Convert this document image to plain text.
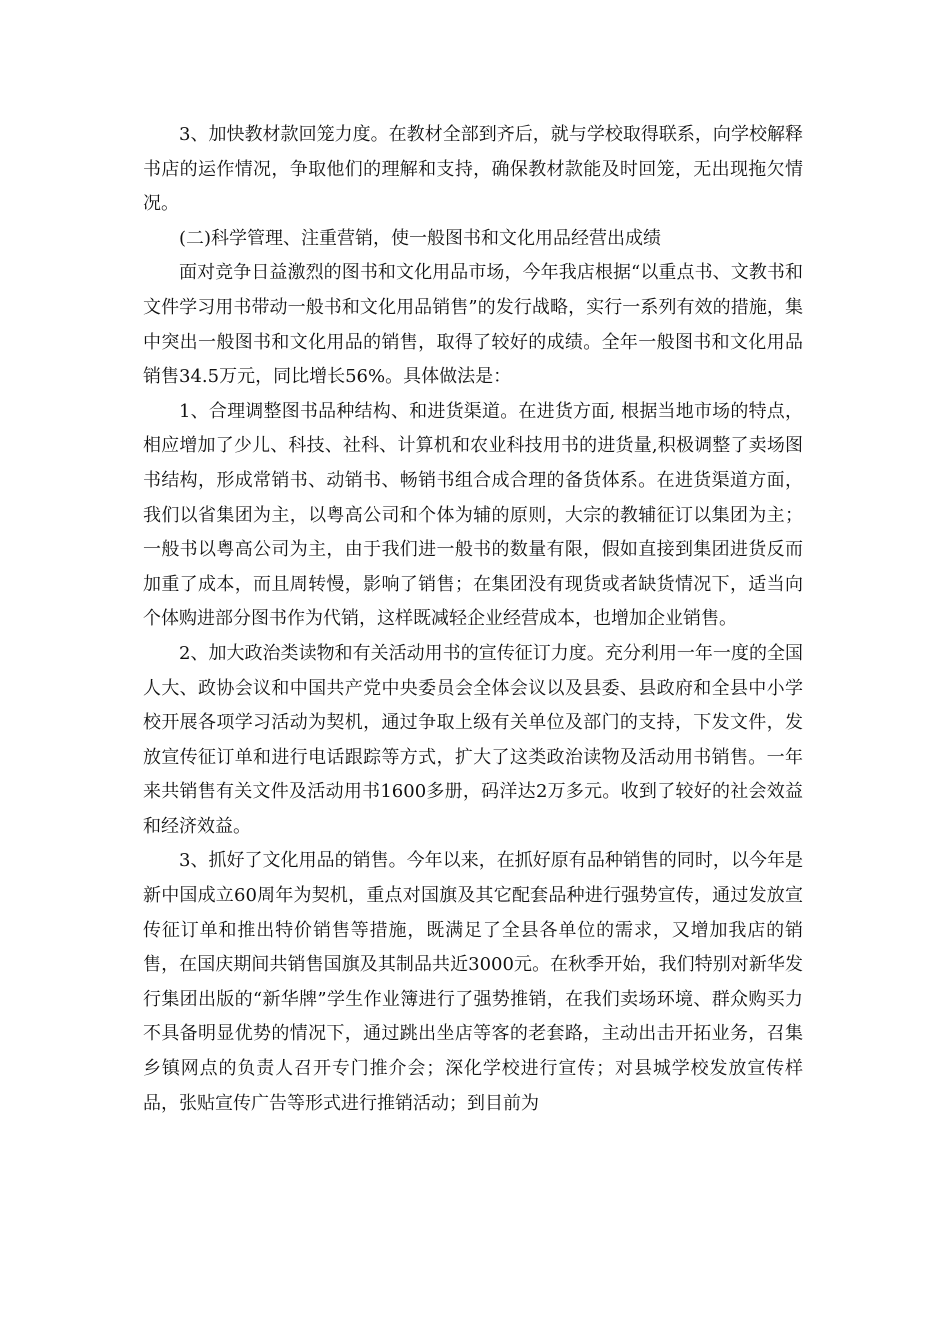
3、加快教材款回笼力度。在教材全部到齐后，就与学校取得联系，向学校解释书店的运作情况，争取他们的理解和支持，确保教材款能及时回笼，无出现拖欠情况。

(二)科学管理、注重营销，使一般图书和文化用品经营出成绩

面对竞争日益激烈的图书和文化用品市场，今年我店根据“以重点书、文教书和文件学习用书带动一般书和文化用品销售”的发行战略，实行一系列有效的措施，集中突出一般图书和文化用品的销售，取得了较好的成绩。全年一般图书和文化用品销售34.5万元，同比增长56%。具体做法是：

1、合理调整图书品种结构、和进货渠道。在进货方面, 根据当地市场的特点，相应增加了少儿、科技、社科、计算机和农业科技用书的进货量,积极调整了卖场图书结构，形成常销书、动销书、畅销书组合成合理的备货体系。在进货渠道方面，我们以省集团为主，以粤高公司和个体为辅的原则，大宗的教辅征订以集团为主；一般书以粤高公司为主，由于我们进一般书的数量有限，假如直接到集团进货反而加重了成本，而且周转慢，影响了销售；在集团没有现货或者缺货情况下，适当向个体购进部分图书作为代销，这样既减轻企业经营成本，也增加企业销售。

2、加大政治类读物和有关活动用书的宣传征订力度。充分利用一年一度的全国人大、政协会议和中国共产党中央委员会全体会议以及县委、县政府和全县中小学校开展各项学习活动为契机，通过争取上级有关单位及部门的支持，下发文件，发放宣传征订单和进行电话跟踪等方式，扩大了这类政治读物及活动用书销售。一年来共销售有关文件及活动用书1600多册，码洋达2万多元。收到了较好的社会效益和经济效益。

3、抓好了文化用品的销售。今年以来，在抓好原有品种销售的同时，以今年是新中国成立60周年为契机，重点对国旗及其它配套品种进行强势宣传，通过发放宣传征订单和推出特价销售等措施，既满足了全县各单位的需求，又增加我店的销售，在国庆期间共销售国旗及其制品共近3000元。在秋季开始，我们特别对新华发行集团出版的“新华牌”学生作业簿进行了强势推销，在我们卖场环境、群众购买力不具备明显优势的情况下，通过跳出坐店等客的老套路，主动出击开拓业务，召集乡镇网点的负责人召开专门推介会；深化学校进行宣传；对县城学校发放宣传样品，张贴宣传广告等形式进行推销活动；到目前为
